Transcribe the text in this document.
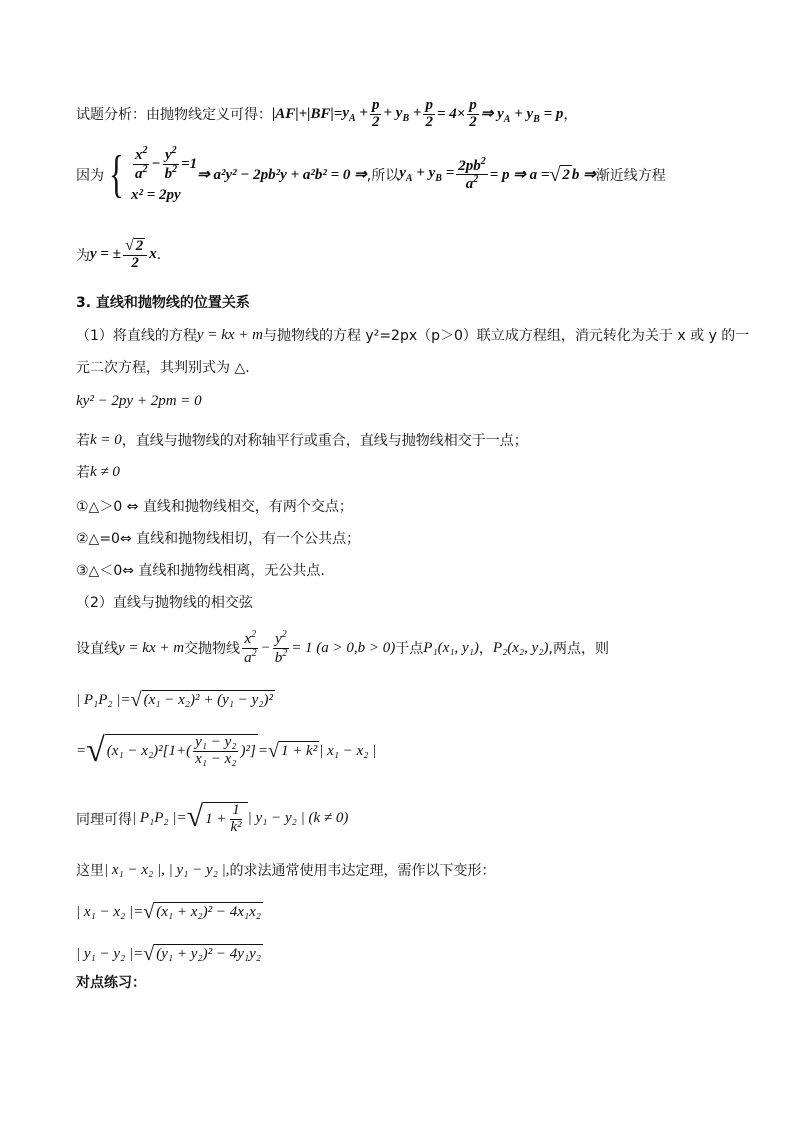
试题分析：由抛物线定义可得： $|AF|+|BF|= y_A + \frac{p}{2} + y_B + \frac{p}{2} = 4\times \frac{p}{2}$ ⇒ $y_A + y_B = p$ ，
因为 { $\frac{x^2}{a^2} - \frac{y^2}{b^2} =1$
x² = 2py
⇒ a²y² − 2pb²y + a²b² = 0 ⇒ ,所以 $y_A + y_B = \frac{2pb^2}{a^2} = p$ ⇒ a = √ 2 b ⇒ 渐近线方程
为 y = ± $\frac{√ 2}{2}$ x .
3. 直线和抛物线的位置关系
（1）将直线的方程 y = kx + m 与抛物线的方程 y²=2px（p＞0）联立成方程组，消元转化为关于 x 或 y 的一
元二次方程，其判别式为 △.
ky² − 2py + 2pm = 0
若 k = 0 ，直线与抛物线的对称轴平行或重合，直线与抛物线相交于一点；
若 k ≠ 0
①△＞0 ⇔ 直线和抛物线相交，有两个交点；
②△=0⇔ 直线和抛物线相切，有一个公共点；
③△＜0⇔ 直线和抛物线相离，无公共点.
（2）直线与抛物线的相交弦
设直线 y = kx + m 交抛物线 $\frac{x^2}{a^2} - \frac{y^2}{b^2} = 1$ (a > 0,b > 0) 于点 P₁(x₁, y₁) ， P₂(x₂, y₂) ,两点，则
| P₁P₂ |= √ (x₁ − x₂)² + (y₁ − y₂)²
= √ $(x_1 - x_2)^2[1+( \frac{\text{y₁ − y₂}}{\text{x₁ − x₂}} )^2]$ = √ 1 + k² | x₁ − x₂ |
同理可得 | P₁P₂ |= √ $1 + \frac{1}{\text{k²}}$ | y₁ − y₂ | (k ≠ 0)
这里 | x₁ − x₂ |, | y₁ − y₂ |, 的求法通常使用韦达定理，需作以下变形：
| x₁ − x₂ |= √ (x₁ + x₂)² − 4x₁x₂
| y₁ − y₂ |= √ (y₁ + y₂)² − 4y₁y₂
对点练习：
